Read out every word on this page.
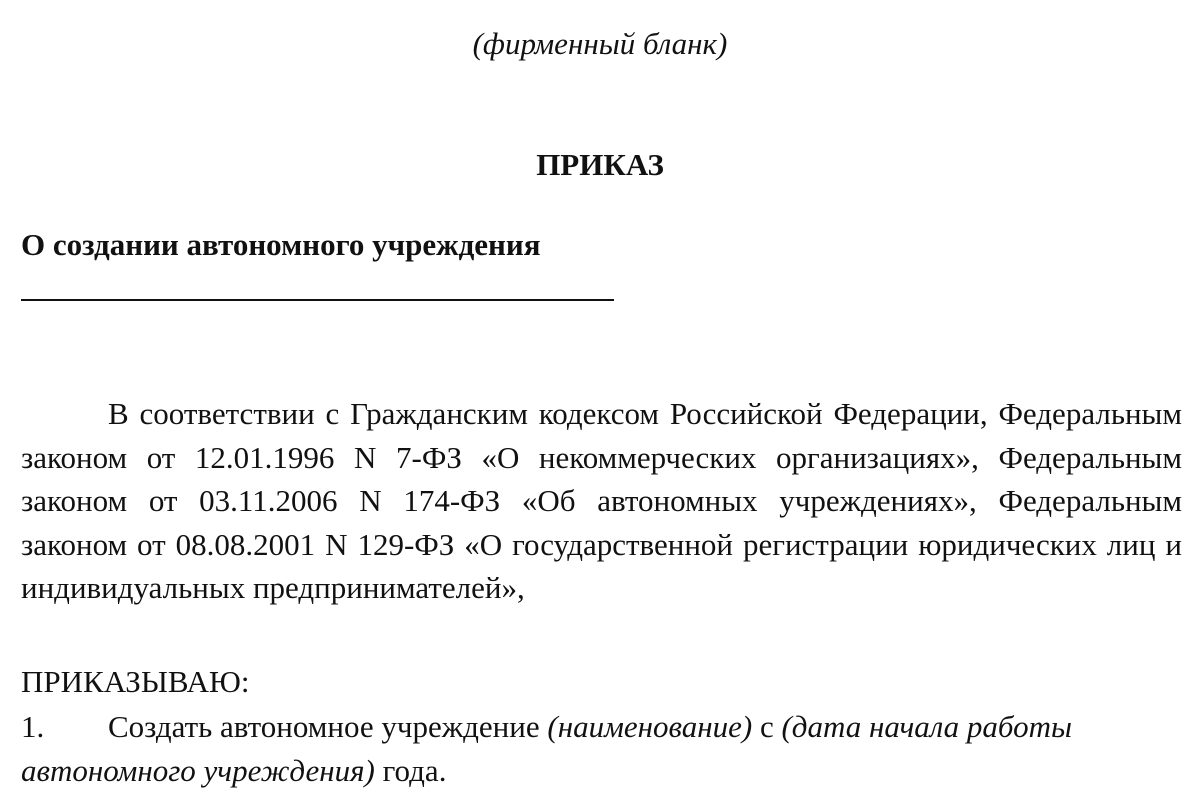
(фирменный бланк)
ПРИКАЗ
О создании автономного учреждения

В соответствии с Гражданским кодексом Российской Федерации, Федеральным законом от 12.01.1996 N 7-ФЗ «О некоммерческих организациях», Федеральным законом от 03.11.2006 N 174-ФЗ «Об автономных учреждениях», Федеральным законом от 08.08.2001 N 129-ФЗ «О государственной регистрации юридических лиц и индивидуальных предпринимателей»,

ПРИКАЗЫВАЮ:
1. Создать автономное учреждение (наименование) с (дата начала работы автономного учреждения) года.
